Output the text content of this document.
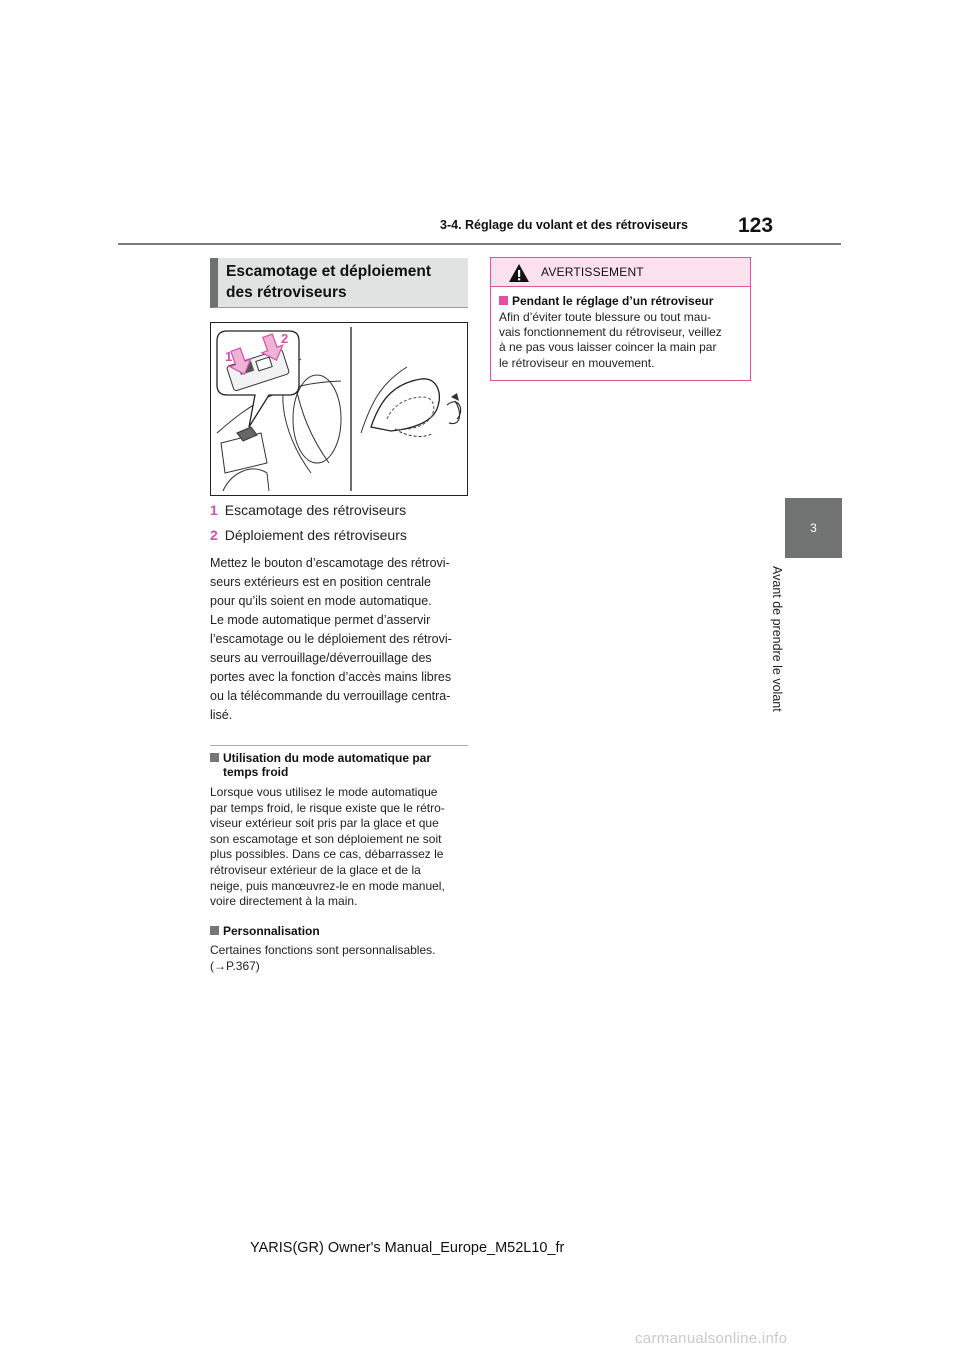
3-4. Réglage du volant et des rétroviseurs 123
3
Avant de prendre le volant
Escamotage et déploiement
des rétroviseurs
1
2
1 Escamotage des rétroviseurs
2 Déploiement des rétroviseurs
Mettez le bouton d’escamotage des rétrovi-
seurs extérieurs est en position centrale
pour qu’ils soient en mode automatique.
Le mode automatique permet d’asservir
l’escamotage ou le déploiement des rétrovi-
seurs au verrouillage/déverrouillage des
portes avec la fonction d’accès mains libres
ou la télécommande du verrouillage centra-
lisé.
Utilisation du mode automatique par
temps froid
Lorsque vous utilisez le mode automatique
par temps froid, le risque existe que le rétro-
viseur extérieur soit pris par la glace et que
son escamotage et son déploiement ne soit
plus possibles. Dans ce cas, débarrassez le
rétroviseur extérieur de la glace et de la
neige, puis manœuvrez-le en mode manuel,
voire directement à la main.
Personnalisation
Certaines fonctions sont personnalisables.
(→P.367)
AVERTISSEMENT
Pendant le réglage d’un rétroviseur
Afin d’éviter toute blessure ou tout mau-
vais fonctionnement du rétroviseur, veillez
à ne pas vous laisser coincer la main par
le rétroviseur en mouvement.
YARIS(GR) Owner's Manual_Europe_M52L10_fr
carmanualsonline.info
